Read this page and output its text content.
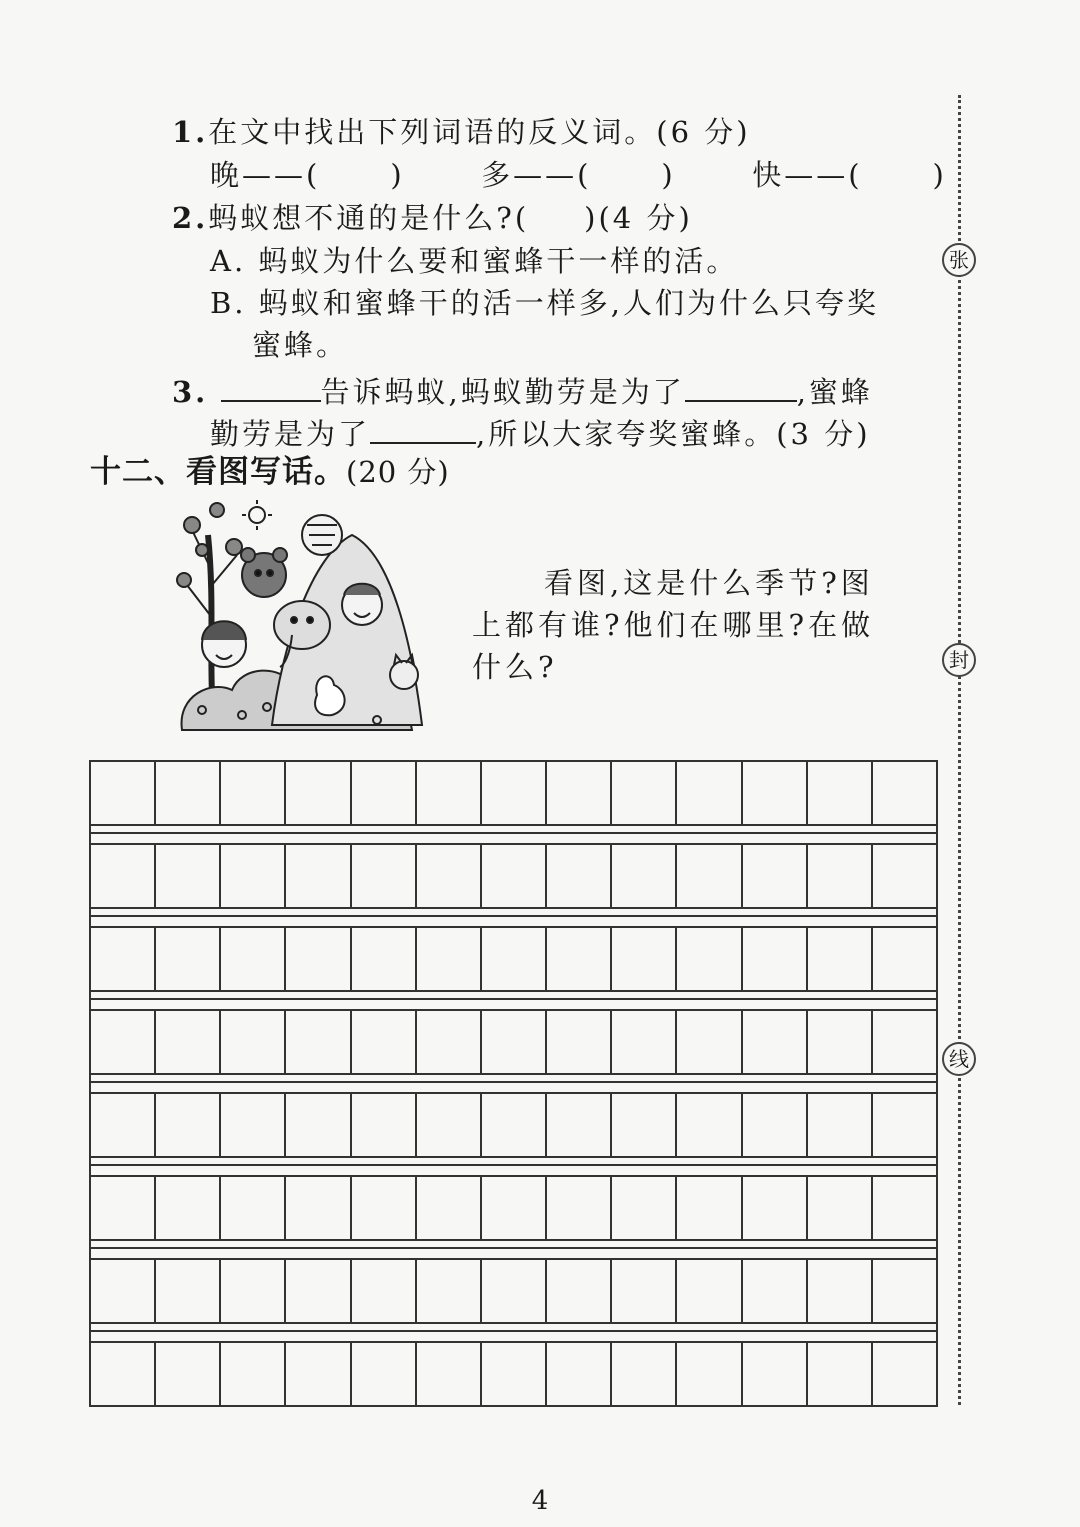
1.在文中找出下列词语的反义词。(6 分)
晚——( )	多——( )	快——( )
2.蚂蚁想不通的是什么?( )(4 分)
A. 蚂蚁为什么要和蜜蜂干一样的活。
B. 蚂蚁和蜜蜂干的活一样多,人们为什么只夸奖
蜜蜂。
3.	告诉蚂蚁,蚂蚁勤劳是为了	,蜜蜂
勤劳是为了	,所以大家夸奖蜜蜂。(3 分)
十二、看图写话。(20 分)
看图,这是什么季节?图
上都有谁?他们在哪里?在做
什么?
张
封
线
4
